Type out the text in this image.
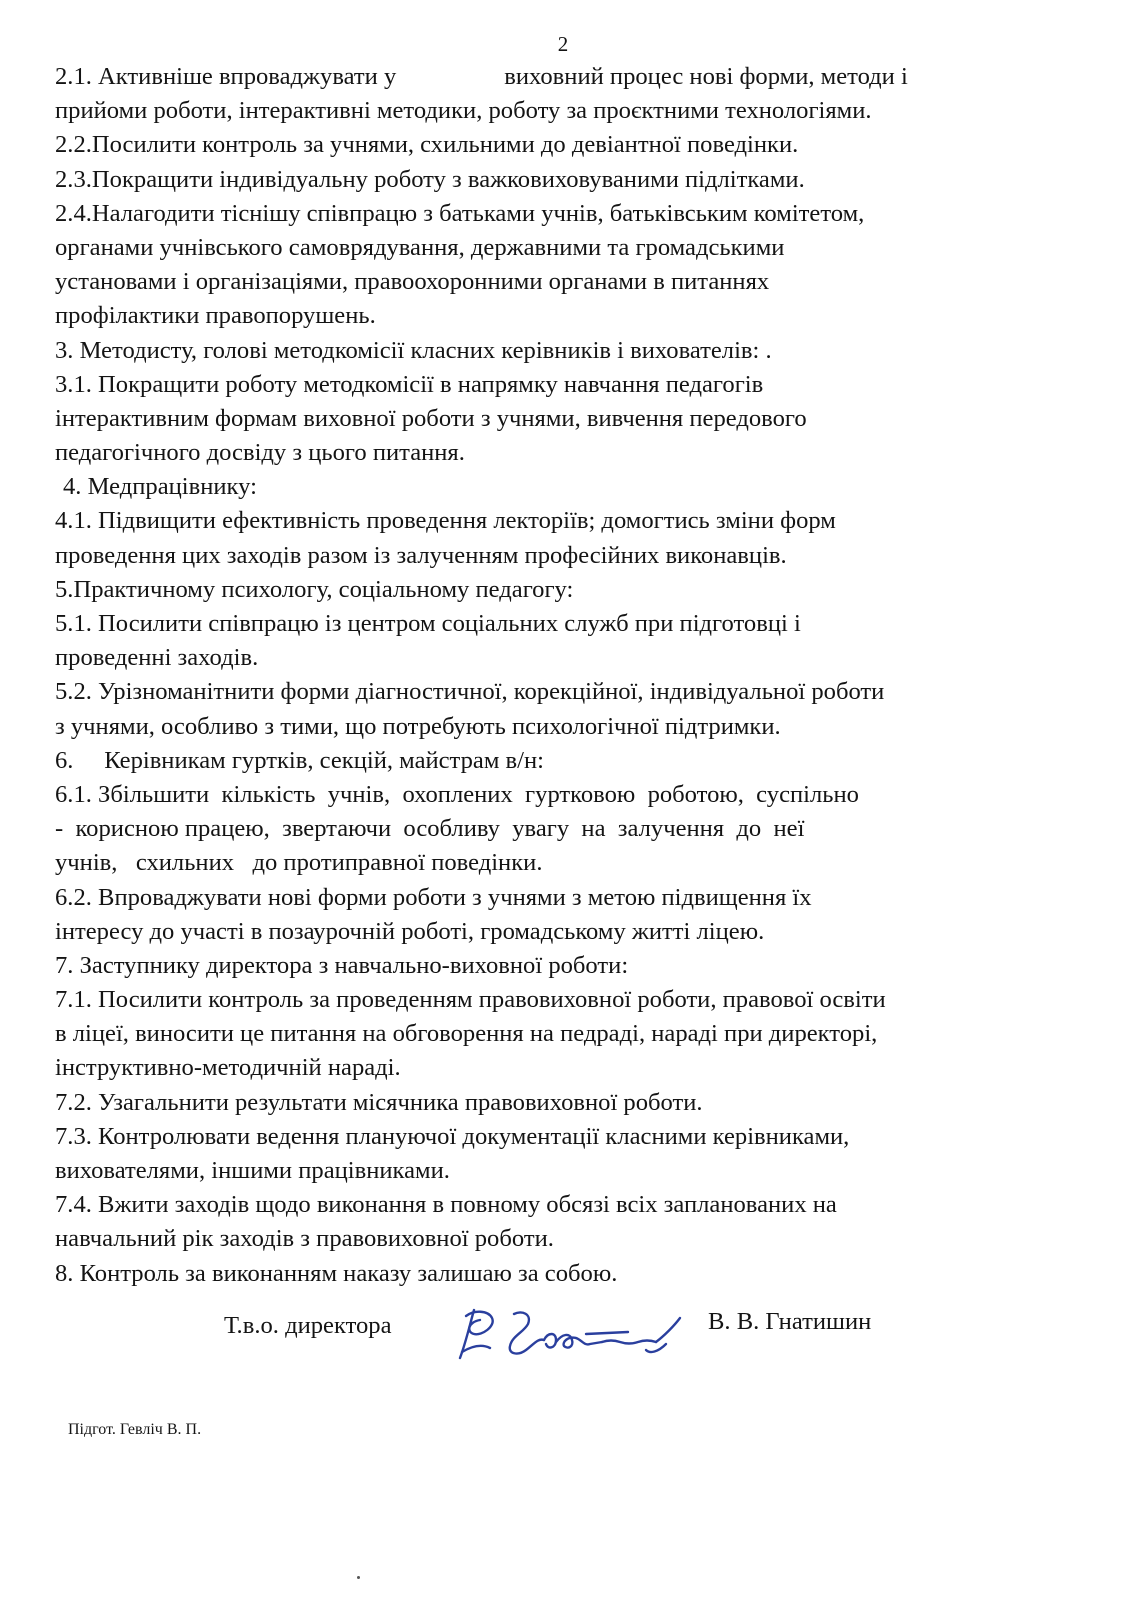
2
2.1. Активніше впроваджувати у	виховний процес нові форми, методи і
прийоми роботи, інтерактивні методики, роботу за проєктними технологіями.
2.2.Посилити контроль за учнями, схильними до девіантної поведінки.
2.3.Покращити індивідуальну роботу з важковиховуваними підлітками.
2.4.Налагодити тіснішу співпрацю з батьками учнів, батьківським комітетом,
органами учнівського самоврядування, державними та громадськими
установами і організаціями, правоохоронними органами в питаннях
профілактики правопорушень.
3. Методисту, голові методкомісії класних керівників і вихователів: .
3.1. Покращити роботу методкомісії в напрямку навчання педагогів
інтерактивним формам виховної роботи з учнями, вивчення передового
педагогічного досвіду з цього питання.
4. Медпрацівнику:
4.1. Підвищити ефективність проведення лекторіїв; домогтись зміни форм
проведення цих заходів разом із залученням професійних виконавців.
5.Практичному психологу, соціальному педагогу:
5.1. Посилити співпрацю із центром соціальних служб при підготовці і
проведенні заходів.
5.2. Урізноманітнити форми діагностичної, корекційної, індивідуальної роботи
з учнями, особливо з тими, що потребують психологічної підтримки.
6.     Керівникам гуртків, секцій, майстрам в/н:
6.1. Збільшити  кількість  учнів,  охоплених  гуртковою  роботою,  суспільно
-  корисною працею,  звертаючи  особливу  увагу  на  залучення  до  неї
учнів,   схильних   до протиправної поведінки.
6.2. Впроваджувати нові форми роботи з учнями з метою підвищення їх
інтересу до участі в позаурочній роботі, громадському житті ліцею.
7. Заступнику директора з навчально-виховної роботи:
7.1. Посилити контроль за проведенням правовиховної роботи, правової освіти
в ліцеї, виносити це питання на обговорення на педраді, нараді при директорі,
інструктивно-методичній нараді.
7.2. Узагальнити результати місячника правовиховної роботи.
7.3. Контролювати ведення плануючої документації класними керівниками,
вихователями, іншими працівниками.
7.4. Вжити заходів щодо виконання в повному обсязі всіх запланованих на
навчальний рік заходів з правовиховної роботи.
8. Контроль за виконанням наказу залишаю за собою.
Т.в.о. директора	В. В. Гнатишин
Підгот. Гевліч В. П.
